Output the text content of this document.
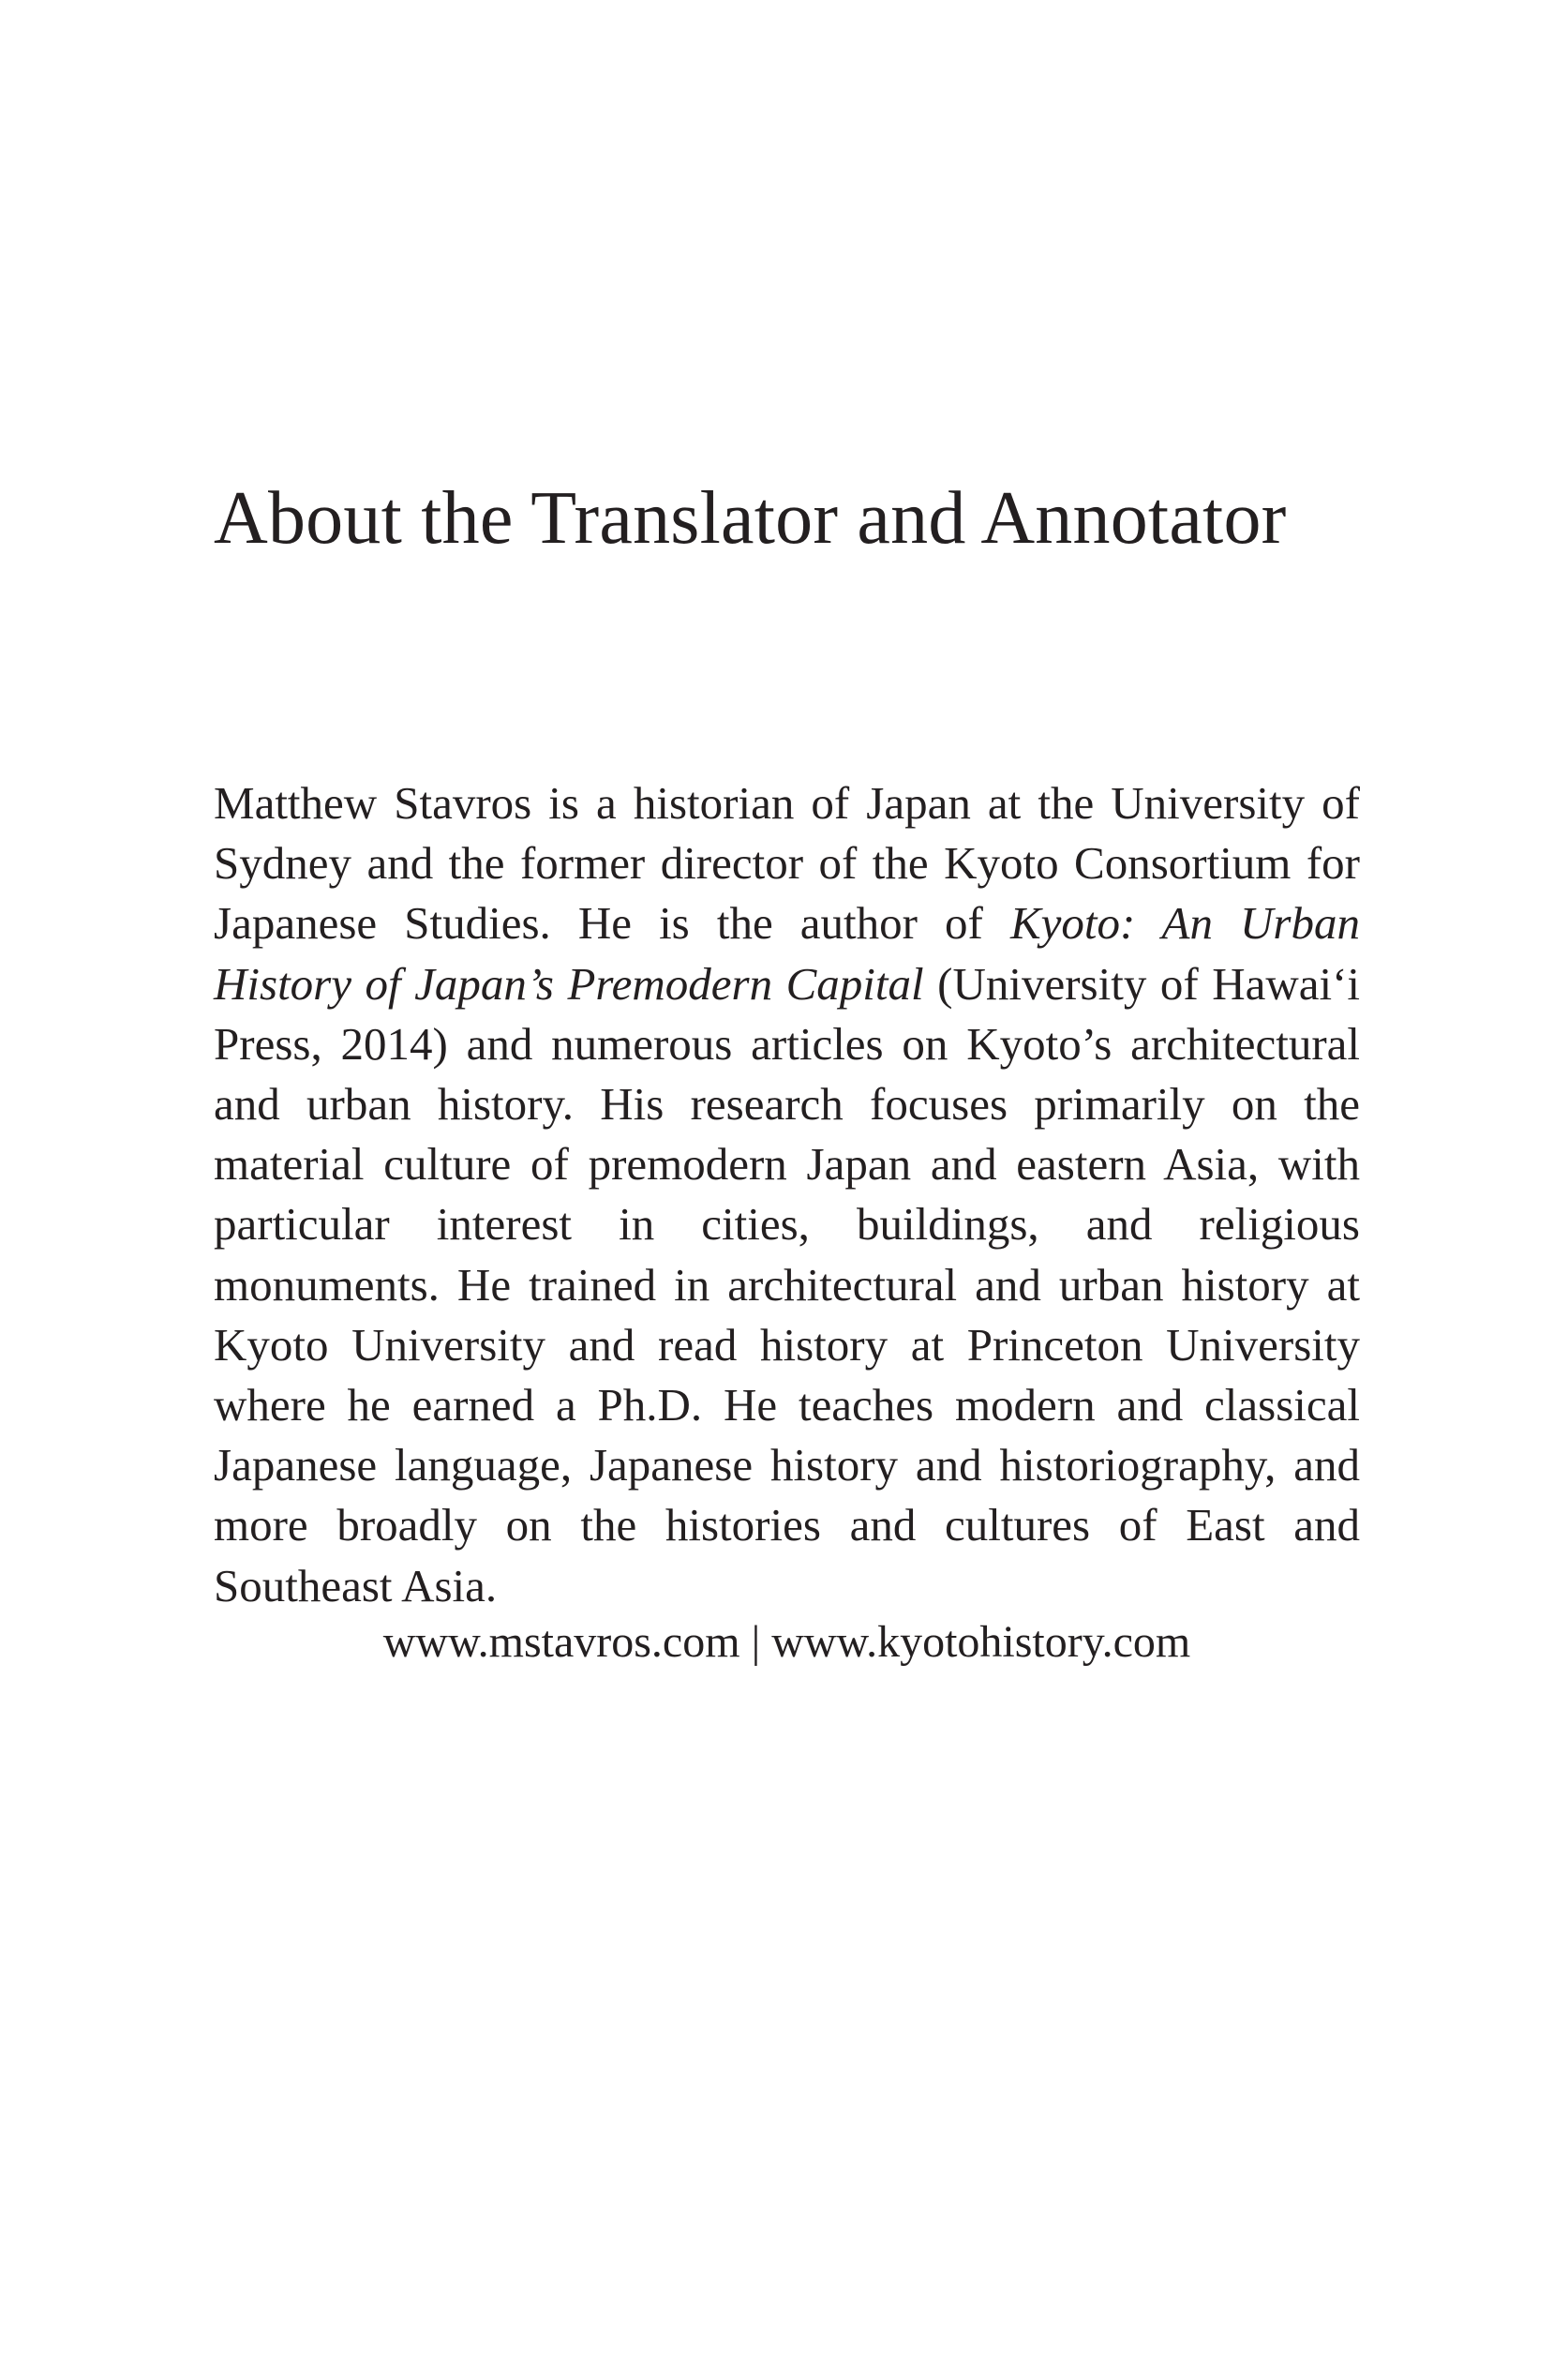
About the Translator and Annotator

Matthew Stavros is a historian of Japan at the University of Sydney and the former director of the Kyoto Consortium for Japanese Studies. He is the author of Kyoto: An Urban History of Japan’s Premodern Capital (University of Hawai‘i Press, 2014) and numerous articles on Kyoto’s architectural and urban history. His research focuses primarily on the material culture of premodern Japan and eastern Asia, with particular interest in cities, buildings, and religious monuments. He trained in architectural and urban history at Kyoto University and read history at Princeton University where he earned a Ph.D. He teaches modern and classical Japanese language, Japanese history and historiography, and more broadly on the histories and cultures of East and Southeast Asia.

www.mstavros.com | www.kyotohistory.com
